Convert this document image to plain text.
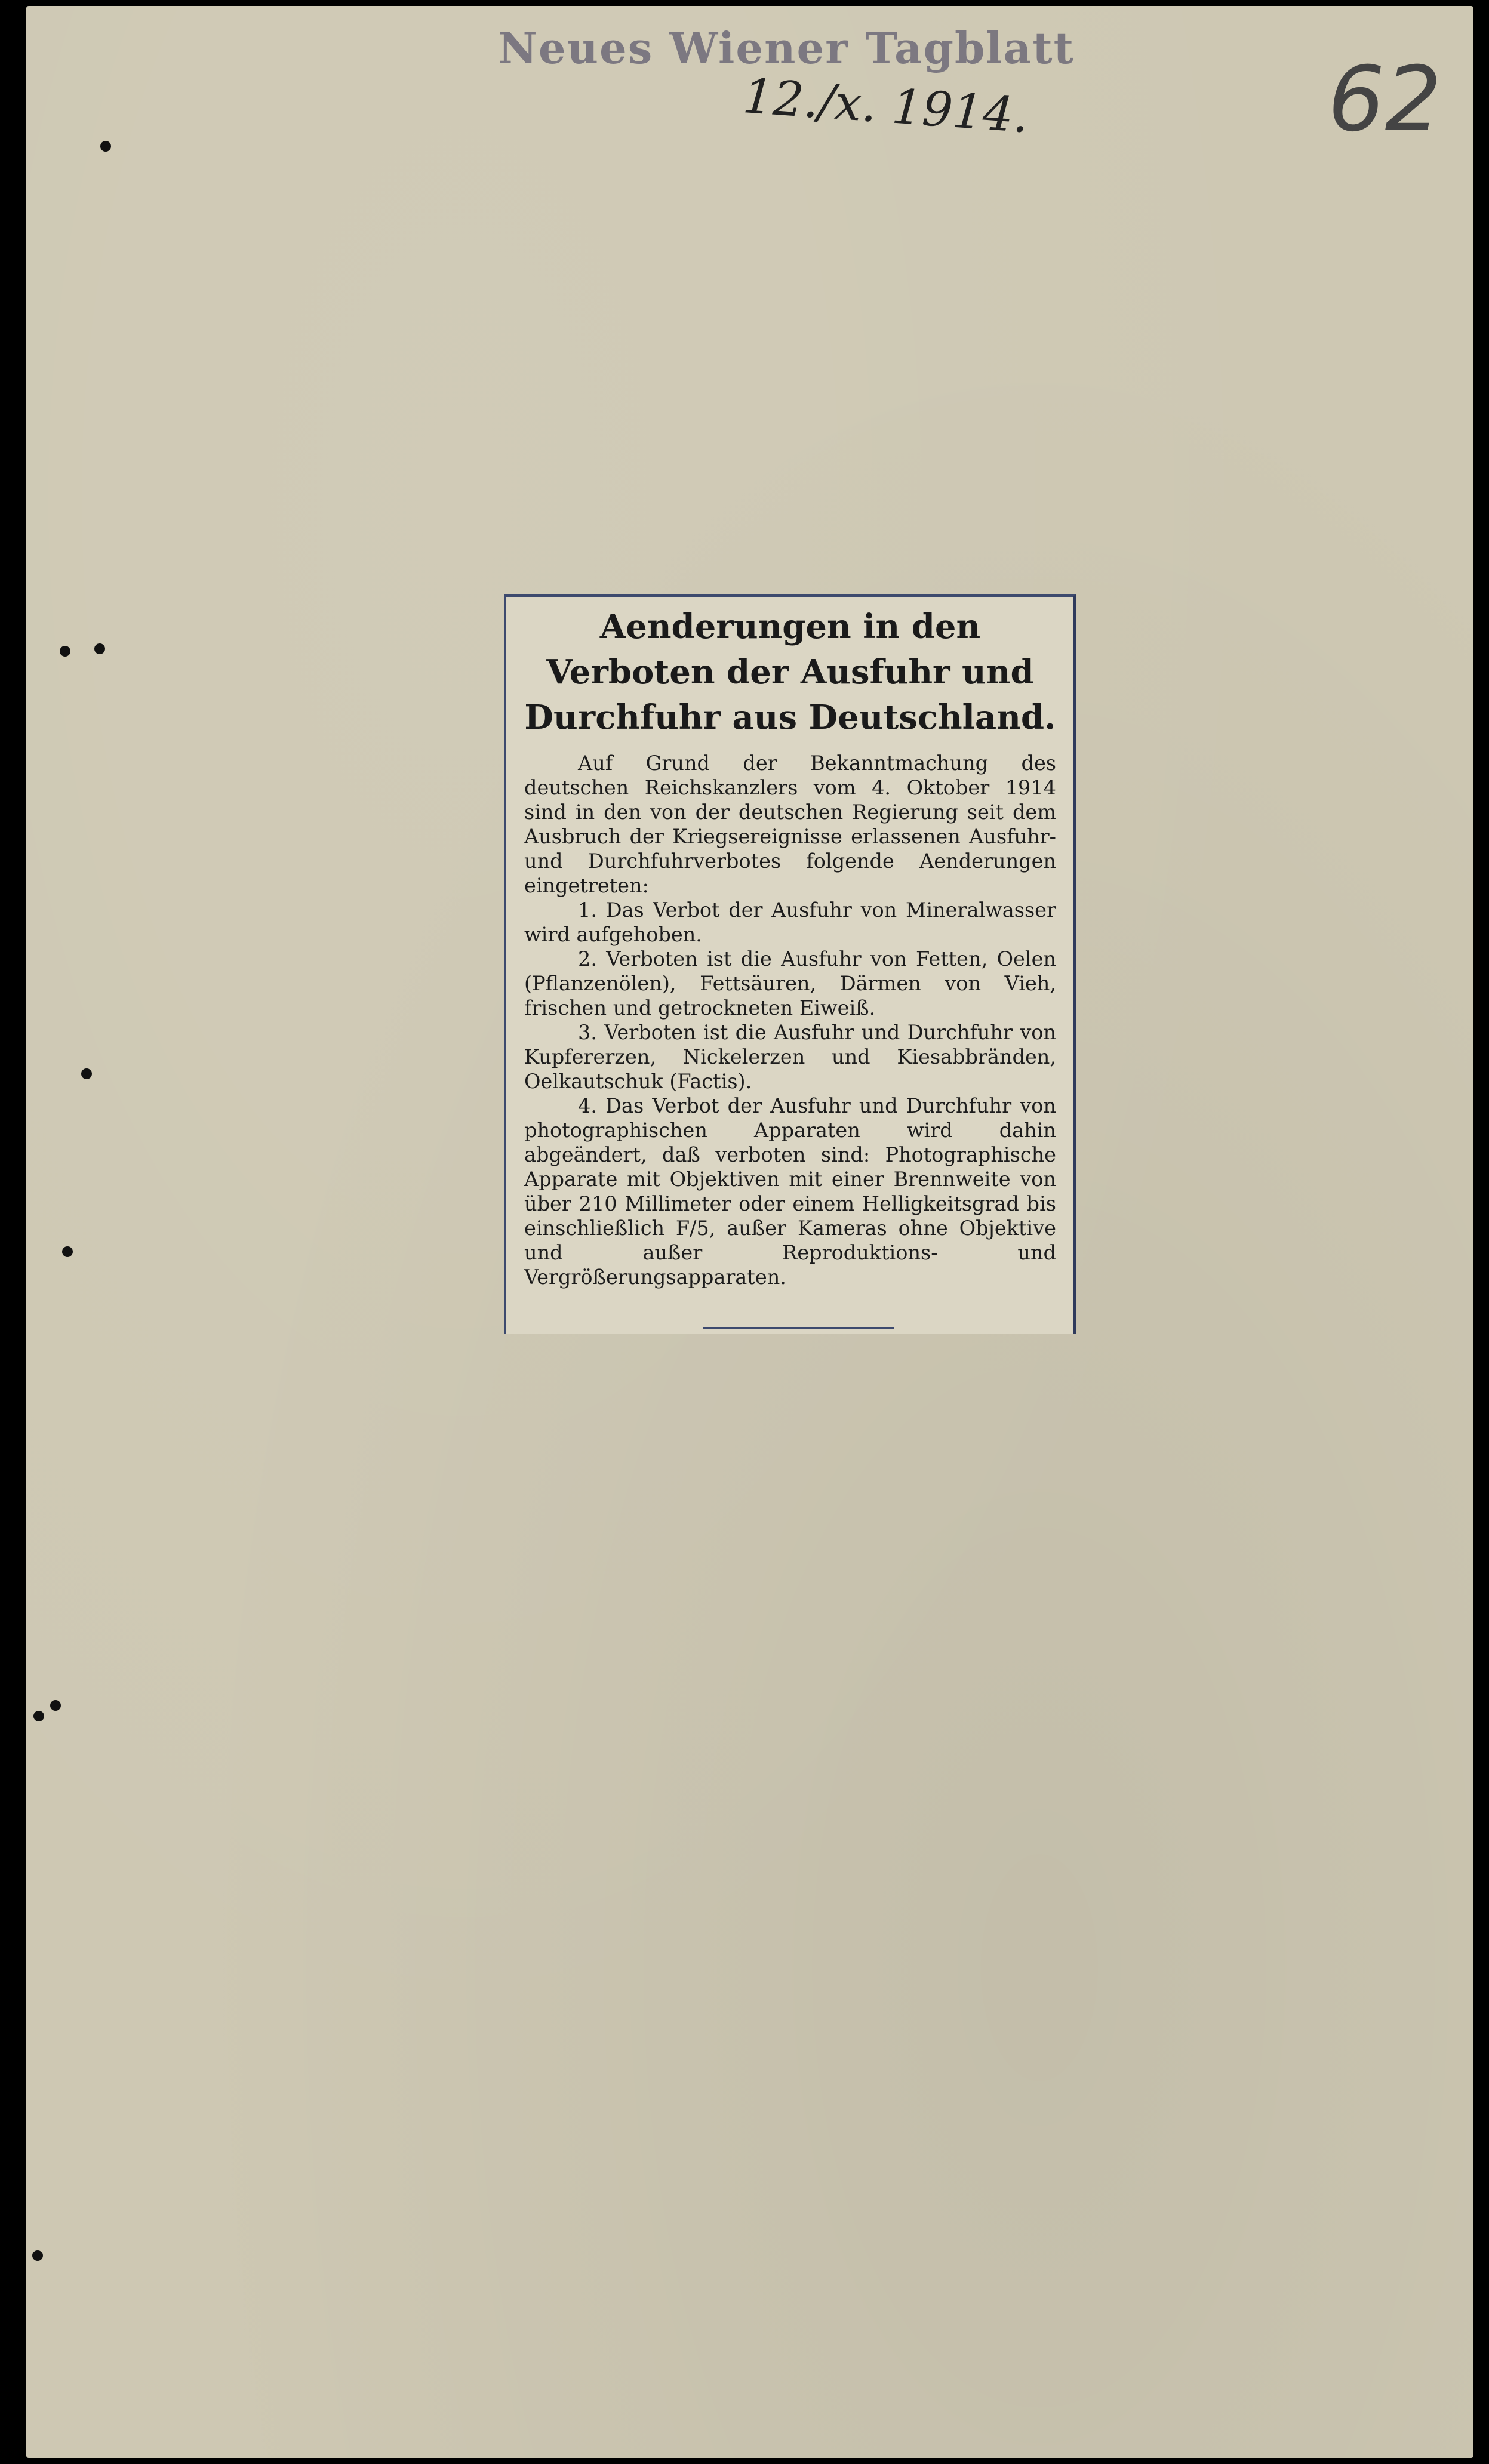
Neues Wiener Tagblatt
12./x. 1914.	62
Aenderungen in den Verboten der Ausfuhr und Durchfuhr aus Deutschland.

Auf Grund der Bekanntmachung des deutschen Reichskanzlers vom 4. Oktober 1914 sind in den von der deutschen Regierung seit dem Ausbruch der Kriegsereignisse erlassenen Ausfuhr- und Durchfuhrverbotes folgende Aenderungen eingetreten:

1. Das Verbot der Ausfuhr von Mineralwasser wird aufgehoben.

2. Verboten ist die Ausfuhr von Fetten, Oelen (Pflanzenölen), Fettsäuren, Därmen von Vieh, frischen und getrockneten Eiweiß.

3. Verboten ist die Ausfuhr und Durchfuhr von Kupfererzen, Nickelerzen und Kiesabbränden, Oelkautschuk (Factis).

4. Das Verbot der Ausfuhr und Durchfuhr von photographischen Apparaten wird dahin abgeändert, daß verboten sind: Photographische Apparate mit Objektiven mit einer Brennweite von über 210 Millimeter oder einem Helligkeitsgrad bis einschließlich F/5, außer Kameras ohne Objektive und außer Reproduktions- und Vergrößerungsapparaten.
